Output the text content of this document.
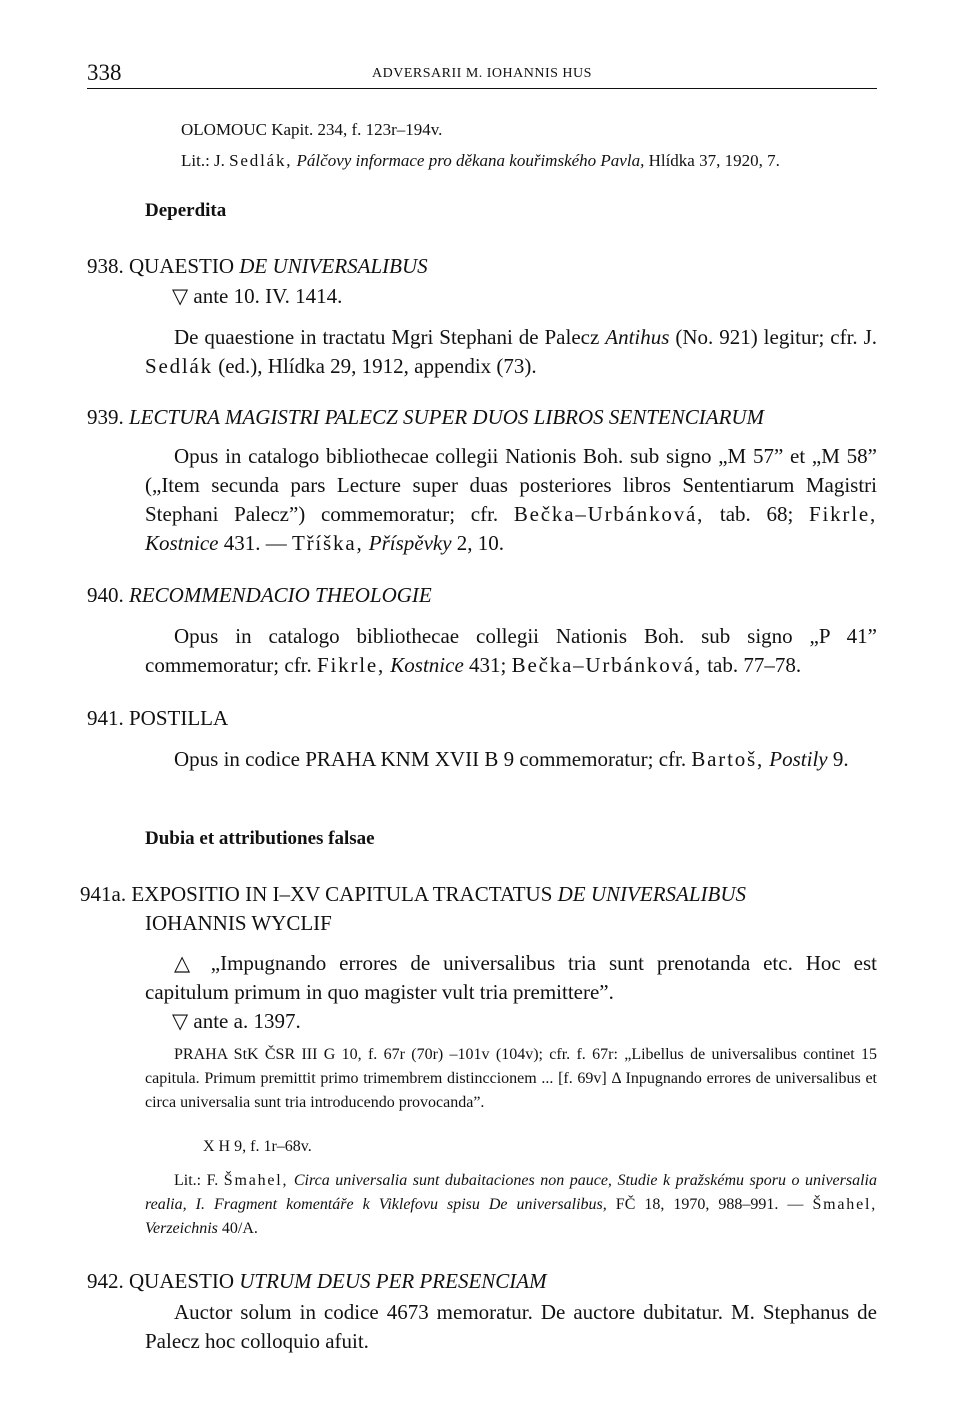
338	ADVERSARII M. IOHANNIS HUS
OLOMOUC Kapit. 234, f. 123r–194v.
Lit.: J. Sedlák, Pálčovy informace pro děkana kouřimského Pavla, Hlídka 37, 1920, 7.
Deperdita
938. QUAESTIO DE UNIVERSALIBUS
▽ ante 10. IV. 1414.
De quaestione in tractatu Mgri Stephani de Palecz Antihus (No. 921) legitur; cfr. J. Sedlák (ed.), Hlídka 29, 1912, appendix (73).
939. LECTURA MAGISTRI PALECZ SUPER DUOS LIBROS SENTENCIARUM
Opus in catalogo bibliothecae collegii Nationis Boh. sub signo „M 57” et „M 58” („Item secunda pars Lecture super duas posteriores libros Sententiarum Magistri Stephani Palecz”) commemoratur; cfr. Bečka–Urbánková, tab. 68; Fikrle, Kostnice 431. — Tříška, Příspěvky 2, 10.
940. RECOMMENDACIO THEOLOGIE
Opus in catalogo bibliothecae collegii Nationis Boh. sub signo „P 41” commemoratur; cfr. Fikrle, Kostnice 431; Bečka–Urbánková, tab. 77–78.
941. POSTILLA
Opus in codice PRAHA KNM XVII B 9 commemoratur; cfr. Bartoš, Postily 9.
Dubia et attributiones falsae
941a. EXPOSITIO IN I–XV CAPITULA TRACTATUS DE UNIVERSALIBUS
IOHANNIS WYCLIF
△ „Impugnando errores de universalibus tria sunt prenotanda etc. Hoc est capitulum primum in quo magister vult tria premittere”.
▽ ante a. 1397.
PRAHA StK ČSR III G 10, f. 67r (70r) –101v (104v); cfr. f. 67r: „Libellus de universalibus continet 15 capitula. Primum premittit primo trimembrem distinccionem ... [f. 69v] Δ Inpugnando errores de universalibus et circa universalia sunt tria introducendo provocanda”.
X H 9, f. 1r–68v.
Lit.: F. Šmahel, Circa universalia sunt dubaitaciones non pauce, Studie k pražskému sporu o universalia realia, I. Fragment komentáře k Viklefovu spisu De universalibus, FČ 18, 1970, 988–991. — Šmahel, Verzeichnis 40/A.
942. QUAESTIO UTRUM DEUS PER PRESENCIAM
Auctor solum in codice 4673 memoratur. De auctore dubitatur. M. Stephanus de Palecz hoc colloquio afuit.
